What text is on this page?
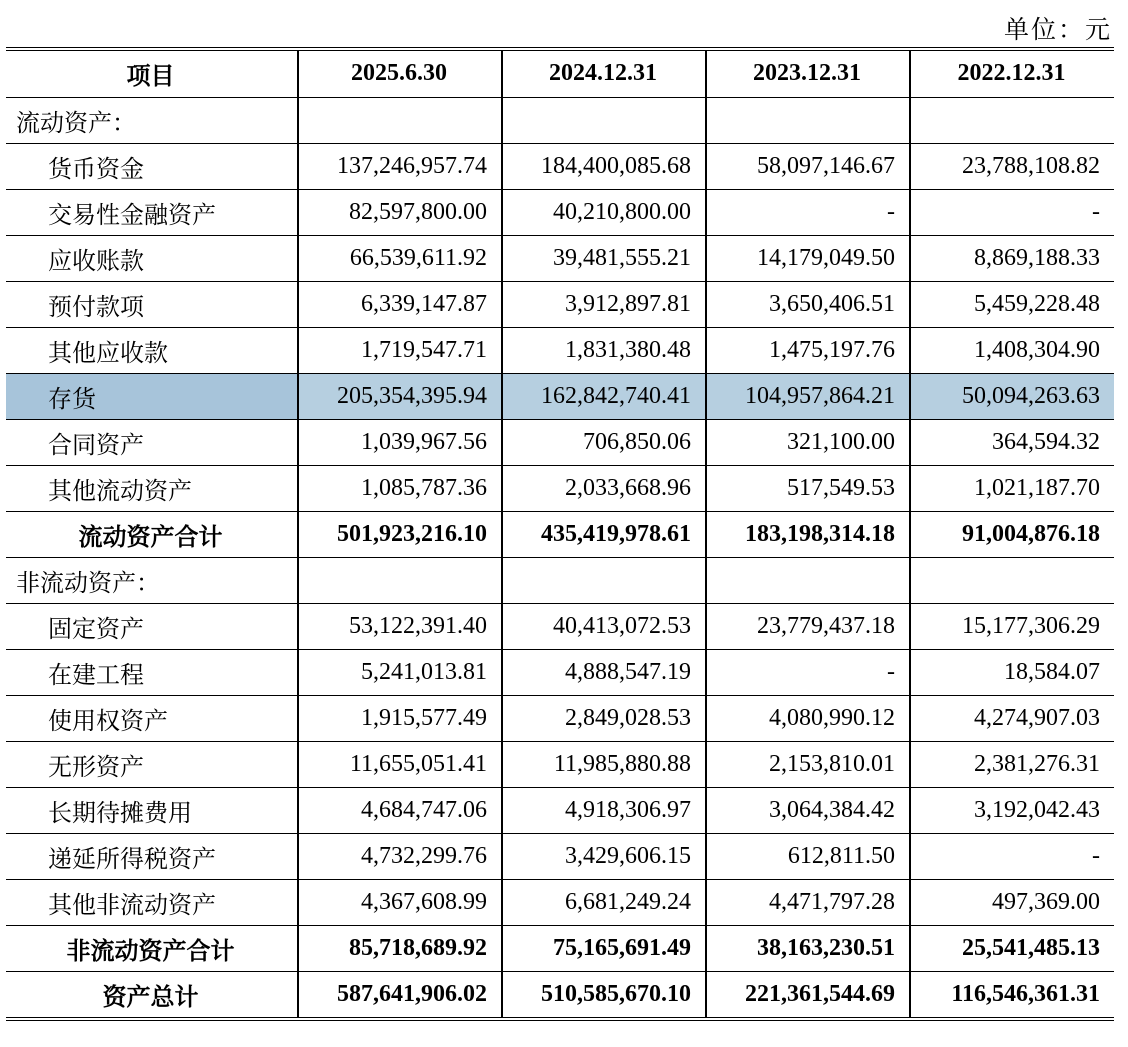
单位：元
项目	2025.6.30	2024.12.31	2023.12.31	2022.12.31
流动资产：				
货币资金	137,246,957.74	184,400,085.68	58,097,146.67	23,788,108.82
交易性金融资产	82,597,800.00	40,210,800.00	-	-
应收账款	66,539,611.92	39,481,555.21	14,179,049.50	8,869,188.33
预付款项	6,339,147.87	3,912,897.81	3,650,406.51	5,459,228.48
其他应收款	1,719,547.71	1,831,380.48	1,475,197.76	1,408,304.90
存货	205,354,395.94	162,842,740.41	104,957,864.21	50,094,263.63
合同资产	1,039,967.56	706,850.06	321,100.00	364,594.32
其他流动资产	1,085,787.36	2,033,668.96	517,549.53	1,021,187.70
流动资产合计	501,923,216.10	435,419,978.61	183,198,314.18	91,004,876.18
非流动资产：				
固定资产	53,122,391.40	40,413,072.53	23,779,437.18	15,177,306.29
在建工程	5,241,013.81	4,888,547.19	-	18,584.07
使用权资产	1,915,577.49	2,849,028.53	4,080,990.12	4,274,907.03
无形资产	11,655,051.41	11,985,880.88	2,153,810.01	2,381,276.31
长期待摊费用	4,684,747.06	4,918,306.97	3,064,384.42	3,192,042.43
递延所得税资产	4,732,299.76	3,429,606.15	612,811.50	-
其他非流动资产	4,367,608.99	6,681,249.24	4,471,797.28	497,369.00
非流动资产合计	85,718,689.92	75,165,691.49	38,163,230.51	25,541,485.13
资产总计	587,641,906.02	510,585,670.10	221,361,544.69	116,546,361.31
